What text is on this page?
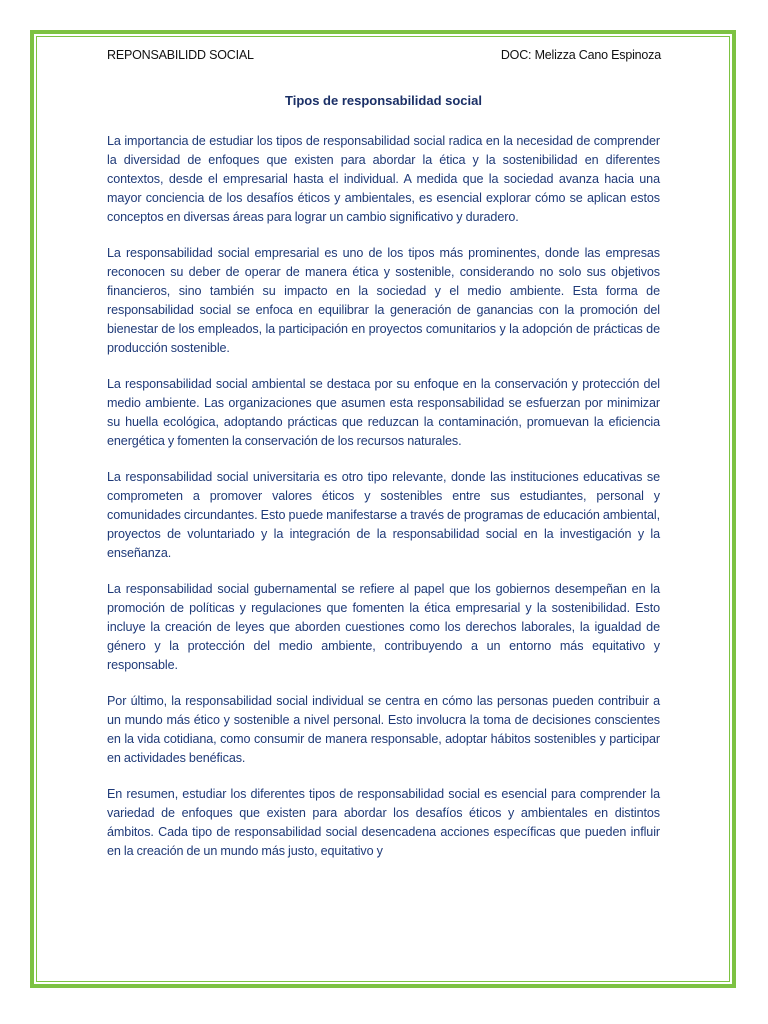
REPONSABILIDD SOCIAL	DOC: Melizza Cano Espinoza
Tipos de responsabilidad social

La importancia de estudiar los tipos de responsabilidad social radica en la necesidad de comprender la diversidad de enfoques que existen para abordar la ética y la sostenibilidad en diferentes contextos, desde el empresarial hasta el individual. A medida que la sociedad avanza hacia una mayor conciencia de los desafíos éticos y ambientales, es esencial explorar cómo se aplican estos conceptos en diversas áreas para lograr un cambio significativo y duradero.

La responsabilidad social empresarial es uno de los tipos más prominentes, donde las empresas reconocen su deber de operar de manera ética y sostenible, considerando no solo sus objetivos financieros, sino también su impacto en la sociedad y el medio ambiente. Esta forma de responsabilidad social se enfoca en equilibrar la generación de ganancias con la promoción del bienestar de los empleados, la participación en proyectos comunitarios y la adopción de prácticas de producción sostenible.

La responsabilidad social ambiental se destaca por su enfoque en la conservación y protección del medio ambiente. Las organizaciones que asumen esta responsabilidad se esfuerzan por minimizar su huella ecológica, adoptando prácticas que reduzcan la contaminación, promuevan la eficiencia energética y fomenten la conservación de los recursos naturales.

La responsabilidad social universitaria es otro tipo relevante, donde las instituciones educativas se comprometen a promover valores éticos y sostenibles entre sus estudiantes, personal y comunidades circundantes. Esto puede manifestarse a través de programas de educación ambiental, proyectos de voluntariado y la integración de la responsabilidad social en la investigación y la enseñanza.

La responsabilidad social gubernamental se refiere al papel que los gobiernos desempeñan en la promoción de políticas y regulaciones que fomenten la ética empresarial y la sostenibilidad. Esto incluye la creación de leyes que aborden cuestiones como los derechos laborales, la igualdad de género y la protección del medio ambiente, contribuyendo a un entorno más equitativo y responsable.

Por último, la responsabilidad social individual se centra en cómo las personas pueden contribuir a un mundo más ético y sostenible a nivel personal. Esto involucra la toma de decisiones conscientes en la vida cotidiana, como consumir de manera responsable, adoptar hábitos sostenibles y participar en actividades benéficas.

En resumen, estudiar los diferentes tipos de responsabilidad social es esencial para comprender la variedad de enfoques que existen para abordar los desafíos éticos y ambientales en distintos ámbitos. Cada tipo de responsabilidad social desencadena acciones específicas que pueden influir en la creación de un mundo más justo, equitativo y
